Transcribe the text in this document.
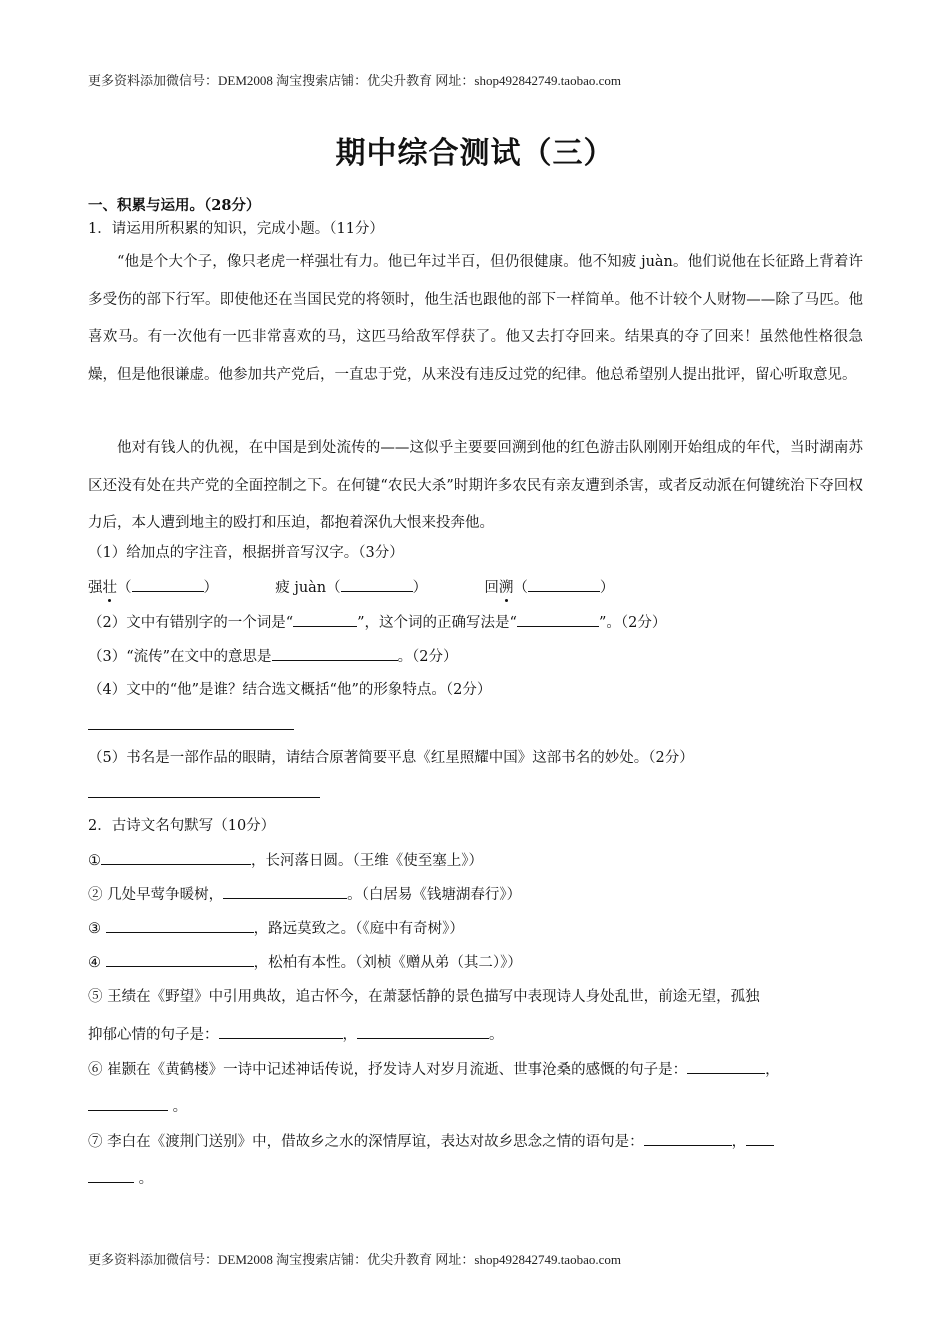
更多资料添加微信号：DEM2008 淘宝搜索店铺：优尖升教育 网址：shop492842749.taobao.com
期中综合测试（三）
一、积累与运用。（28分）
1．请运用所积累的知识，完成小题。（11分）
“他是个大个子，像只老虎一样强壮有力。他已年过半百，但仍很健康。他不知疲 juàn。他们说他在长征路上背着许多受伤的部下行军。即使他还在当国民党的将领时，他生活也跟他的部下一样简单。他不计较个人财物——除了马匹。他喜欢马。有一次他有一匹非常喜欢的马，这匹马给敌军俘获了。他又去打夺回来。结果真的夺了回来！虽然他性格很急燥，但是他很谦虚。他参加共产党后，一直忠于党，从来没有违反过党的纪律。他总希望别人提出批评，留心听取意见。
他对有钱人的仇视，在中国是到处流传的——这似乎主要要回溯到他的红色游击队刚刚开始组成的年代，当时湖南苏区还没有处在共产党的全面控制之下。在何键“农民大杀”时期许多农民有亲友遭到杀害，或者反动派在何键统治下夺回权力后，本人遭到地主的殴打和压迫，都抱着深仇大恨来投奔他。
（1）给加点的字注音，根据拼音写汉字。（3分）
强壮（	）	疲 juàn（	）	回溯（	）
（2）文中有错别字的一个词是“	”，这个词的正确写法是“	”。（2分）
（3）“流传”在文中的意思是	。（2分）
（4）文中的“他”是谁？结合选文概括“他”的形象特点。（2分）
（5）书名是一部作品的眼睛，请结合原著简要平息《红星照耀中国》这部书名的妙处。（2分）
2．古诗文名句默写（10分）
①	，长河落日圆。（王维《使至塞上》）
② 几处早莺争暖树，	。（白居易《钱塘湖春行》）
③	，路远莫致之。（《庭中有奇树》）
④	，松柏有本性。（刘桢《赠从弟（其二）》）
⑤ 王绩在《野望》中引用典故，追古怀今，在萧瑟恬静的景色描写中表现诗人身处乱世，前途无望，孤独
抑郁心情的句子是：	，	。
⑥ 崔颢在《黄鹤楼》一诗中记述神话传说，抒发诗人对岁月流逝、世事沧桑的感慨的句子是：	，
。
⑦ 李白在《渡荆门送别》中，借故乡之水的深情厚谊，表达对故乡思念之情的语句是：	，
。
更多资料添加微信号：DEM2008 淘宝搜索店铺：优尖升教育 网址：shop492842749.taobao.com
